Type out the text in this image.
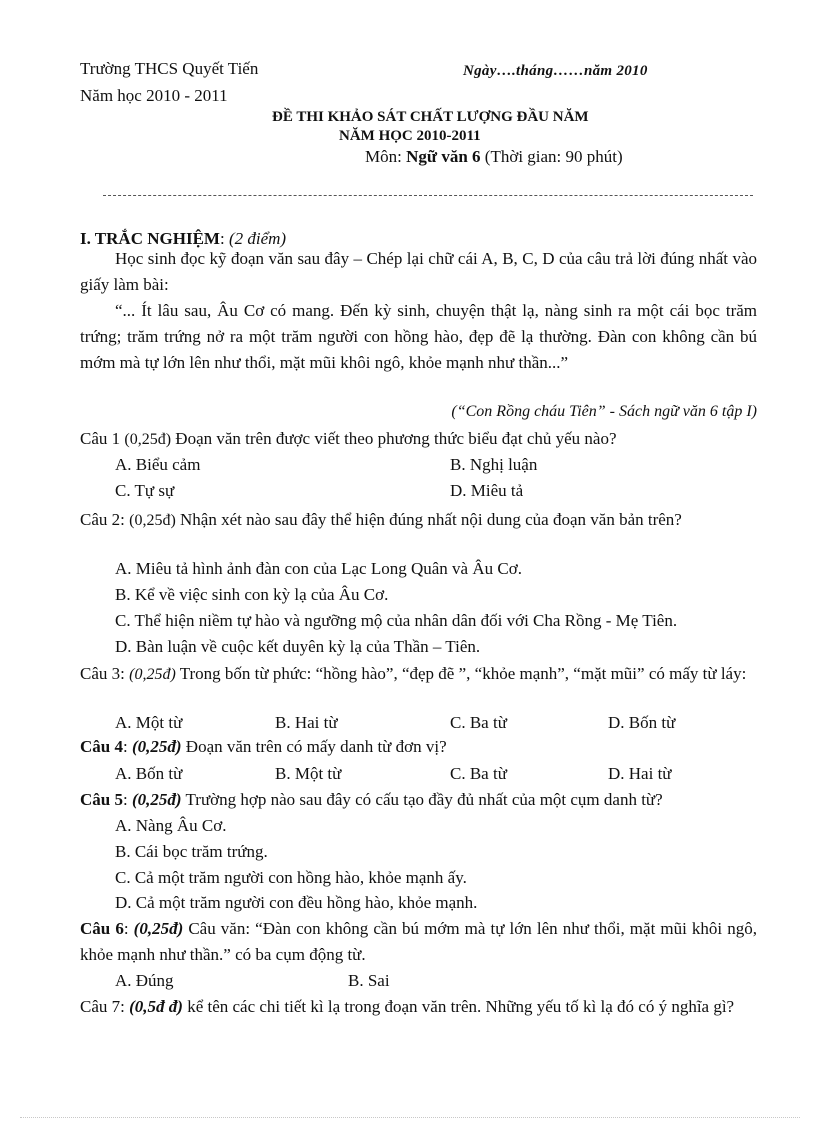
Trường THCS Quyết Tiến
Năm học 2010 - 2011
Ngày….tháng……năm 2010
ĐỀ THI KHẢO SÁT CHẤT LƯỢNG ĐẦU NĂM
NĂM HỌC 2010-2011
Môn: Ngữ văn 6 (Thời gian: 90 phút)
I. TRẮC NGHIỆM: (2 điểm)
Học sinh đọc kỹ đoạn văn sau đây – Chép lại chữ cái A, B, C, D của câu trả lời đúng nhất vào giấy làm bài:
“... Ít lâu sau, Âu Cơ có mang. Đến kỳ sinh, chuyện thật lạ, nàng sinh ra một cái bọc trăm trứng; trăm trứng nở ra một trăm người con hồng hào, đẹp đẽ lạ thường. Đàn con không cần bú mớm mà tự lớn lên như thổi, mặt mũi khôi ngô, khỏe mạnh như thần...”
(“Con Rồng cháu Tiên” - Sách ngữ văn 6 tập I)
Câu 1 (0,25đ) Đoạn văn trên được viết theo phương thức biểu đạt chủ yếu nào?
A. Biểu cảm	B. Nghị luận
C. Tự sự	D. Miêu tả
Câu 2: (0,25đ) Nhận xét nào sau đây thể hiện đúng nhất nội dung của đoạn văn bản trên?
A. Miêu tả hình ảnh đàn con của Lạc Long Quân và Âu Cơ.
B. Kể về việc sinh con kỳ lạ của Âu Cơ.
C. Thể hiện niềm tự hào và ngưỡng mộ của nhân dân đối với Cha Rồng - Mẹ Tiên.
D. Bàn luận về cuộc kết duyên kỳ lạ của Thần – Tiên.
Câu 3: (0,25đ) Trong bốn từ phức: “hồng hào”, “đẹp đẽ ”, “khỏe mạnh”, “mặt mũi” có mấy từ láy:
A. Một từ	B. Hai từ	C. Ba từ	D. Bốn từ
Câu 4: (0,25đ) Đoạn văn trên có mấy danh từ đơn vị?
A. Bốn từ	B. Một từ	C. Ba từ	D. Hai từ
Câu 5: (0,25đ) Trường hợp nào sau đây có cấu tạo đầy đủ nhất của một cụm danh từ?
A. Nàng Âu Cơ.
B. Cái bọc trăm trứng.
C. Cả một trăm người con hồng hào, khỏe mạnh ấy.
D. Cả một trăm người con đều hồng hào, khỏe mạnh.
Câu 6: (0,25đ) Câu văn: “Đàn con không cần bú mớm mà tự lớn lên như thổi, mặt mũi khôi ngô, khỏe mạnh như thần.” có ba cụm động từ.
A. Đúng	B. Sai
Câu 7: (0,5đ đ) kể tên các chi tiết kì lạ trong đoạn văn trên. Những yếu tố kì lạ đó có ý nghĩa gì?
